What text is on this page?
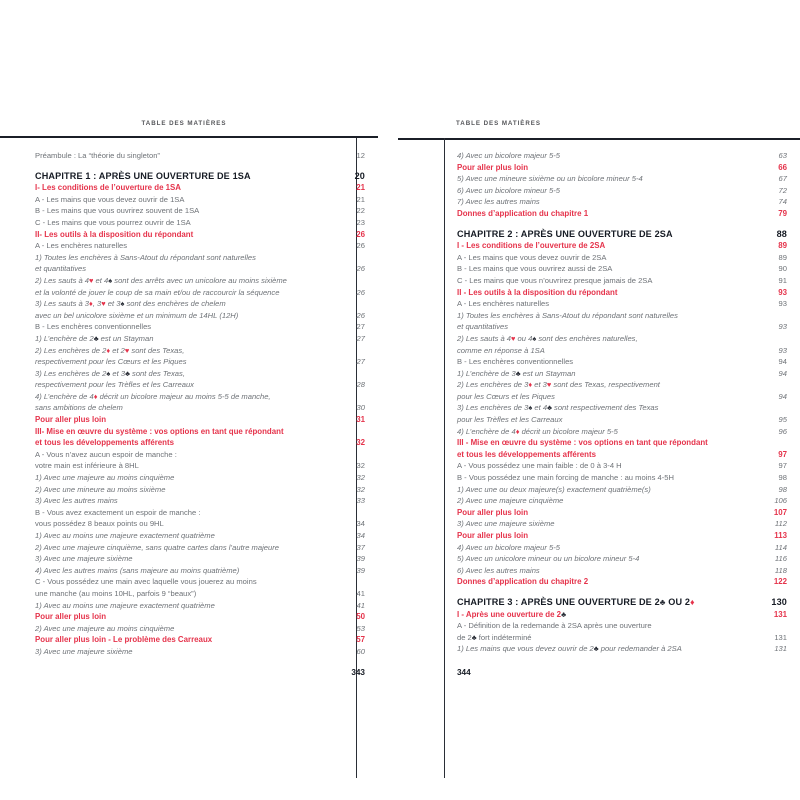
TABLE DES MATIÈRES	TABLE DES MATIÈRES
Préambule : La “théorie du singleton”	12
CHAPITRE 1 : APRÈS UNE OUVERTURE DE 1SA	20
I- Les conditions de l’ouverture de 1SA	21
A - Les mains que vous devez ouvrir de 1SA	21
B - Les mains que vous ouvrirez souvent de 1SA	22
C - Les mains que vous pourrez ouvrir de 1SA	23
II- Les outils à la disposition du répondant	26
A - Les enchères naturelles	26
1) Toutes les enchères à Sans-Atout du répondant sont naturelles
et quantitatives	26
2) Les sauts à 4♥ et 4♠ sont des arrêts avec un unicolore au moins sixième
et la volonté de jouer le coup de sa main et/ou de raccourcir la séquence	26
3) Les sauts à 3♦, 3♥ et 3♠ sont des enchères de chelem
avec un bel unicolore sixième et un minimum de 14HL (12H)	26
B - Les enchères conventionnelles	27
1) L’enchère de 2♣ est un Stayman	27
2) Les enchères de 2♦ et 2♥ sont des Texas,
respectivement pour les Cœurs et les Piques	27
3) Les enchères de 2♠ et 3♣ sont des Texas,
respectivement pour les Trèfles et les Carreaux	28
4) L’enchère de 4♦ décrit un bicolore majeur au moins 5-5 de manche,
sans ambitions de chelem	30
Pour aller plus loin	31
III- Mise en œuvre du système : vos options en tant que répondant
et tous les développements afférents	32
A - Vous n’avez aucun espoir de manche :
votre main est inférieure à 8HL	32
1) Avec une majeure au moins cinquième	32
2) Avec une mineure au moins sixième	32
3) Avec les autres mains	33
B - Vous avez exactement un espoir de manche :
vous possédez 8 beaux points ou 9HL	34
1) Avec au moins une majeure exactement quatrième	34
2) Avec une majeure cinquième, sans quatre cartes dans l’autre majeure	37
3) Avec une majeure sixième	39
4) Avec les autres mains (sans majeure au moins quatrième)	39
C - Vous possédez une main avec laquelle vous jouerez au moins
une manche (au moins 10HL, parfois 9 “beaux”)	41
1) Avec au moins une majeure exactement quatrième	41
Pour aller plus loin	50
2) Avec une majeure au moins cinquième	53
Pour aller plus loin - Le problème des Carreaux	57
3) Avec une majeure sixième	60
4) Avec un bicolore majeur 5-5	63
Pour aller plus loin	66
5) Avec une mineure sixième ou un bicolore mineur 5-4	67
6) Avec un bicolore mineur 5-5	72
7) Avec les autres mains	74
Donnes d’application du chapitre 1	79
CHAPITRE 2 : APRÈS UNE OUVERTURE DE 2SA	88
I - Les conditions de l’ouverture de 2SA	89
A - Les mains que vous devez ouvrir de 2SA	89
B - Les mains que vous ouvrirez aussi de 2SA	90
C - Les mains que vous n’ouvrirez presque jamais de 2SA	91
II - Les outils à la disposition du répondant	93
A - Les enchères naturelles	93
1) Toutes les enchères à Sans-Atout du répondant sont naturelles
et quantitatives	93
2) Les sauts à 4♥ ou 4♠ sont des enchères naturelles,
comme en réponse à 1SA	93
B - Les enchères conventionnelles	94
1) L’enchère de 3♣ est un Stayman	94
2) Les enchères de 3♦ et 3♥ sont des Texas, respectivement
pour les Cœurs et les Piques	94
3) Les enchères de 3♠ et 4♣ sont respectivement des Texas
pour les Trèfles et les Carreaux	95
4) L’enchère de 4♦ décrit un bicolore majeur 5-5	96
III - Mise en œuvre du système : vos options en tant que répondant
et tous les développements afférents	97
A - Vous possédez une main faible : de 0 à 3-4 H	97
B - Vous possédez une main forcing de manche : au moins 4-5H	98
1) Avec une ou deux majeure(s) exactement quatrième(s)	98
2) Avec une majeure cinquième	106
Pour aller plus loin	107
3) Avec une majeure sixième	112
Pour aller plus loin	113
4) Avec un bicolore majeur 5-5	114
5) Avec un unicolore mineur ou un bicolore mineur 5-4	116
6) Avec les autres mains	118
Donnes d’application du chapitre 2	122
CHAPITRE 3 : APRÈS UNE OUVERTURE DE 2♣ OU 2♦	130
I - Après une ouverture de 2♣	131
A - Définition de la redemande à 2SA après une ouverture
de 2♣ fort indéterminé	131
1) Les mains que vous devez ouvrir de 2♣ pour redemander à 2SA	131
343	344
